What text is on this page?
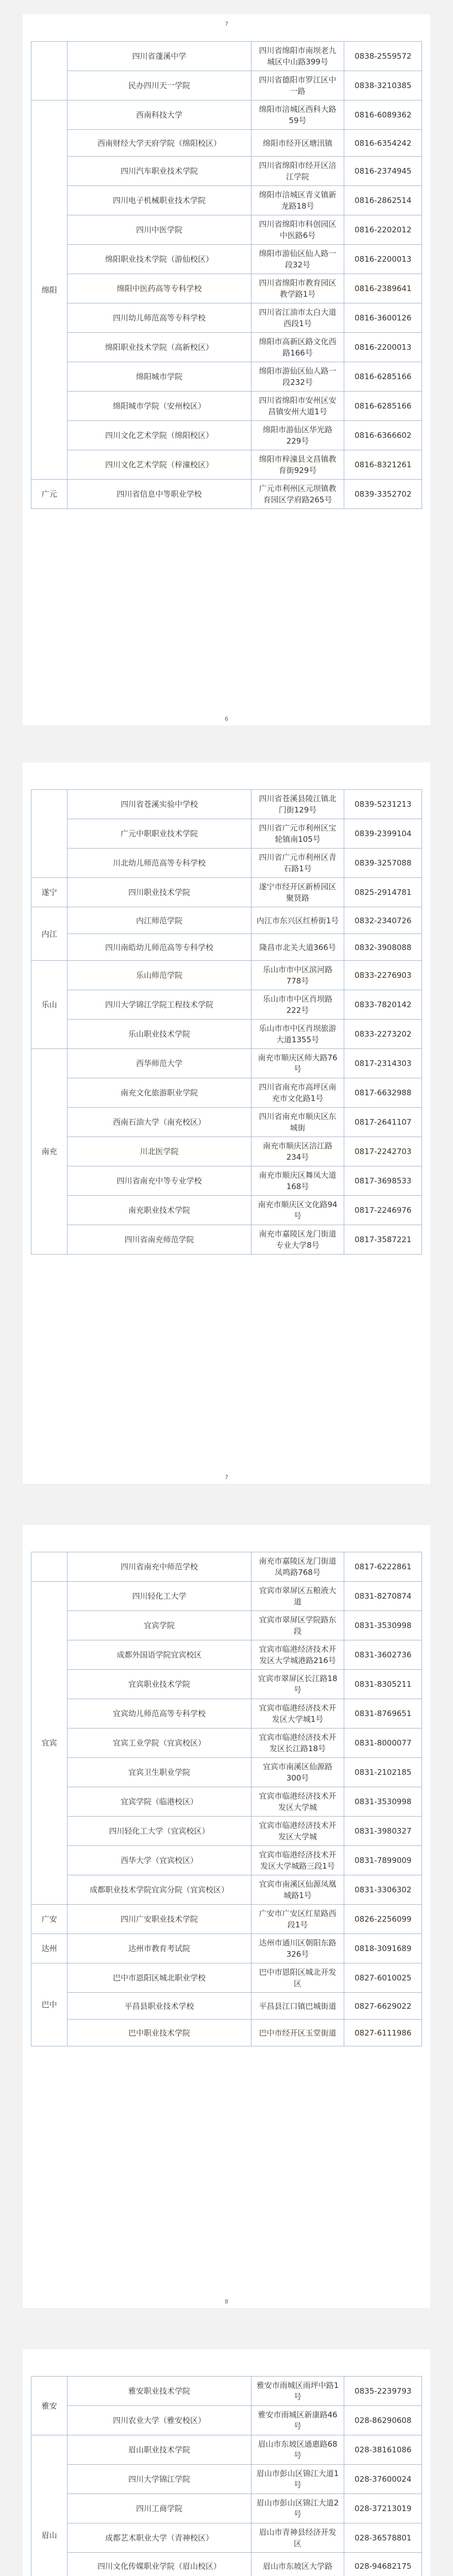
7
	四川省蓬溪中学	四川省绵阳市南坝老九城区中山路399号	0838-2559572
	民办四川天一学院	四川省德阳市罗江区中一路	0838-3210385
绵阳	西南科技大学	绵阳市涪城区西科大路59号	0816-6089362
	西南财经大学天府学院（绵阳校区）	绵阳市经开区塘汛镇	0816-6354242
	四川汽车职业技术学院	四川省绵阳市经开区涪江学院	0816-2374945
	四川电子机械职业技术学院	绵阳市涪城区青义镇新龙路18号	0816-2862514
	四川中医学院	四川省绵阳市科创园区中医路6号	0816-2202012
	绵阳职业技术学院（游仙校区）	绵阳市游仙区仙人路一段32号	0816-2200013
	绵阳中医药高等专科学校	四川省绵阳市教育园区教学路1号	0816-2389641
	四川幼儿师范高等专科学校	四川省江油市太白大道西段1号	0816-3600126
	绵阳职业技术学院（高新校区）	绵阳市高新区路文化西路166号	0816-2200013
	绵阳城市学院	绵阳市游仙区仙人路一段232号	0816-6285166
	绵阳城市学院（安州校区）	四川省绵阳市安州区安昌镇安州大道1号	0816-6285166
	四川文化艺术学院（绵阳校区）	绵阳市游仙区华光路229号	0816-6366602
	四川文化艺术学院（梓潼校区）	绵阳市梓潼县文昌镇教育街929号	0816-8321261
广元	四川省信息中等职业学校	广元市利州区元坝镇教育园区学府路265号	0839-3352702
6
	四川省苍溪实验中学校	四川省苍溪县陵江镇北门街129号	0839-5231213
	广元中职职业技术学院	四川省广元市利州区宝轮镇南105号	0839-2399104
	川北幼儿师范高等专科学校	四川省广元市利州区青石路1号	0839-3257088
遂宁	四川职业技术学院	遂宁市经开区新桥园区聚贤路	0825-2914781
内江	内江师范学院	内江市东兴区红桥街1号	0832-2340726
	四川南皓幼儿师范高等专科学校	隆昌市北关大道366号	0832-3908088
乐山	乐山师范学院	乐山市市中区滨河路778号	0833-2276903
	四川大学锦江学院工程技术学院	乐山市市中区肖坝路222号	0833-7820142
	乐山职业技术学院	乐山市市中区肖坝旅游大道1355号	0833-2273202
南充	西华师范大学	南充市顺庆区师大路76号	0817-2314303
	南充文化旅游职业学院	四川省南充市高坪区南充市文化路1号	0817-6632988
	西南石油大学（南充校区）	四川省南充市顺庆区东城街	0817-2641107
	川北医学院	南充市顺庆区涪江路234号	0817-2242703
	四川省南充中等专业学校	南充市顺庆区舞凤大道168号	0817-3698533
	南充职业技术学院	南充市顺庆区文化路94号	0817-2246976
	四川省南充师范学院	南充市嘉陵区龙门街道专业大学8号	0817-3587221
7
	四川省南充中师范学校	南充市嘉陵区龙门街道凤鸣路768号	0817-6222861
宜宾	四川轻化工大学	宜宾市翠屏区五粮液大道	0831-8270874
	宜宾学院	宜宾市翠屏区学院路东段	0831-3530998
	成都外国语学院宜宾校区	宜宾市临港经济技术开发区大学城港路216号	0831-3602736
	宜宾职业技术学院	宜宾市翠屏区长江路18号	0831-8305211
	宜宾幼儿师范高等专科学校	宜宾市临港经济技术开发区大学城1号	0831-8769651
	宜宾工业学院（宜宾校区）	宜宾市临港经济技术开发区长江路18号	0831-8000077
	宜宾卫生职业学院	宜宾市南溪区仙源路300号	0831-2102185
	宜宾学院（临港校区）	宜宾市临港经济技术开发区大学城	0831-3530998
	四川轻化工大学（宜宾校区）	宜宾市临港经济技术开发区大学城	0831-3980327
	西华大学（宜宾校区）	宜宾市临港经济技术开发区大学城路三段1号	0831-7899009
	成都职业技术学院宜宾分院（宜宾校区）	宜宾市南溪区仙源凤凰城路1号	0831-3306302
广安	四川广安职业技术学院	广安市广安区红星路西段1号	0826-2256099
达州	达州市教育考试院	达州市通川区朝阳东路326号	0818-3091689
巴中	巴中市恩阳区城北职业学校	巴中市恩阳区城北开发区	0827-6010025
	平昌县职业技术学校	平昌县江口镇巴城街道	0827-6629022
	巴中职业技术学院	巴中市经开区玉堂街道	0827-6111986
8
雅安	雅安职业技术学院	雅安市雨城区雨坪中路1号	0835-2239793
	四川农业大学（雅安校区）	雅安市雨城区新康路46号	028-86290608
眉山	眉山职业技术学院	眉山市东坡区通惠路68号	028-38161086
	四川大学锦江学院	眉山市彭山区锦江大道1号	028-37600024
	四川工商学院	眉山市彭山区锦江大道2号	028-37213019
	成都艺术职业大学（青神校区）	眉山市青神县经济开发区	028-36578801
	四川文化传媒职业学院（眉山校区）	眉山市东坡区大学路	028-94682175
